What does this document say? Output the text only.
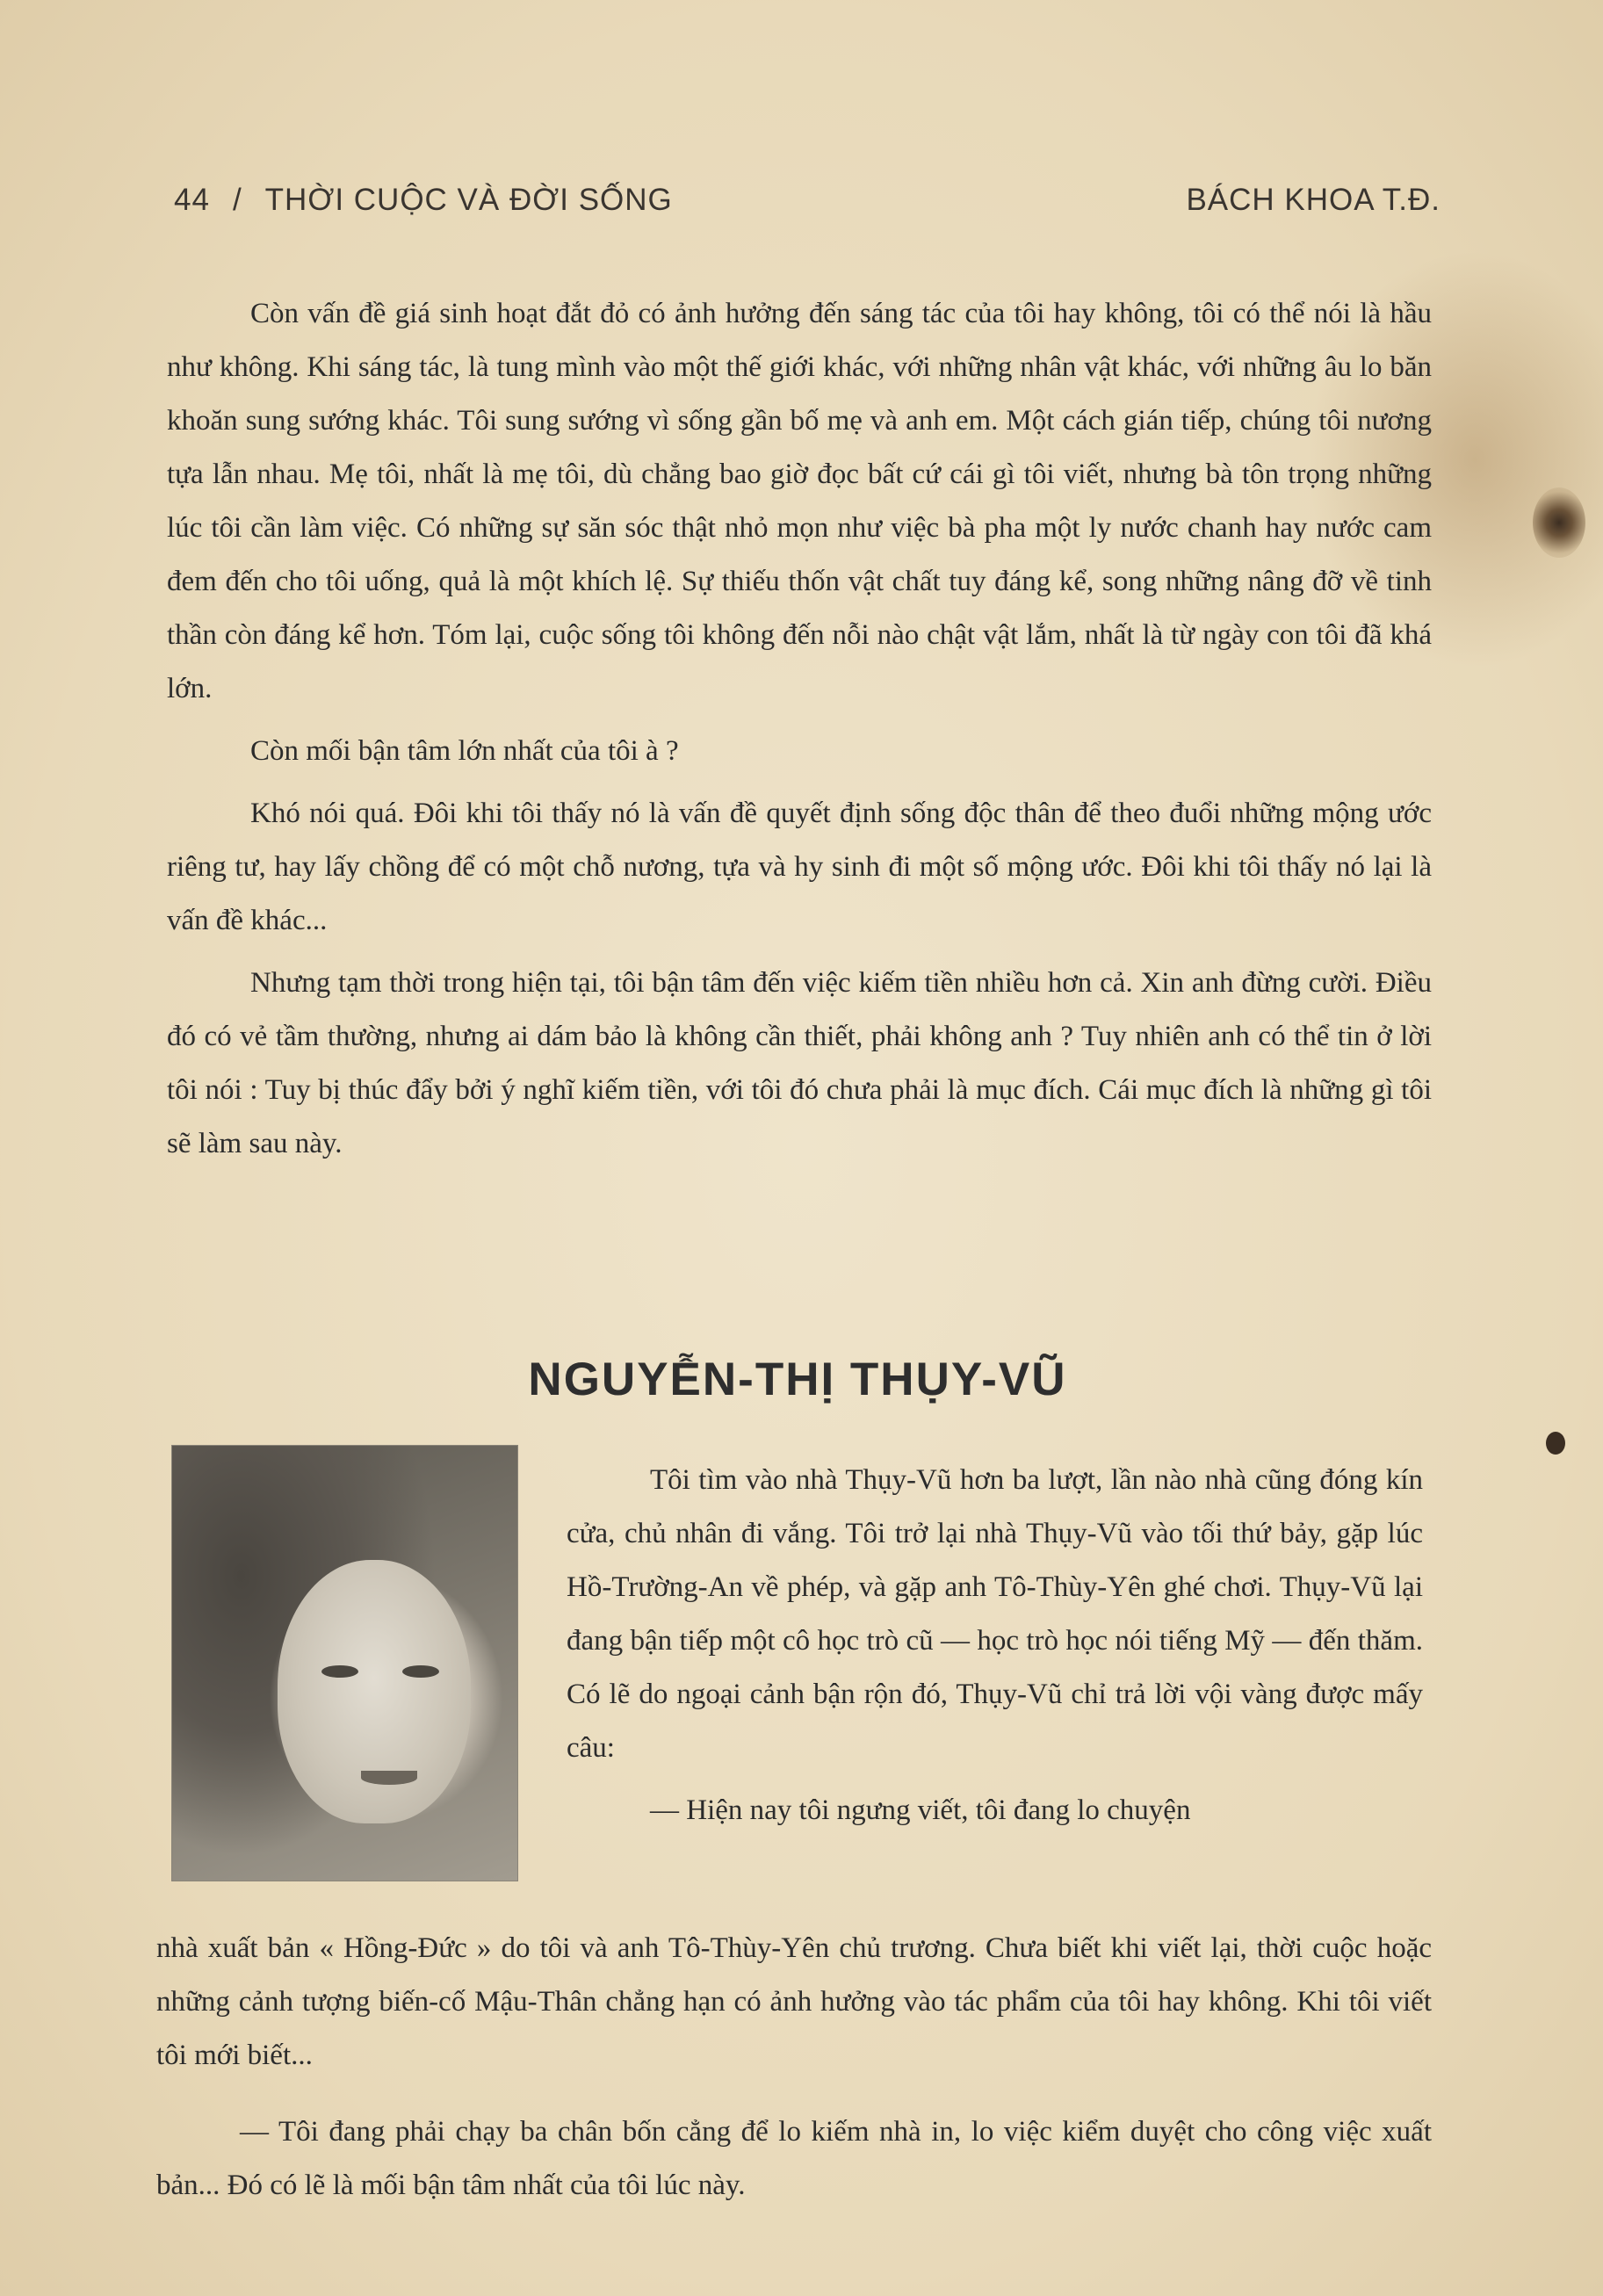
44 / THỜI CUỘC VÀ ĐỜI SỐNG	BÁCH KHOA T.Đ.

Còn vấn đề giá sinh hoạt đắt đỏ có ảnh hưởng đến sáng tác của tôi hay không, tôi có thể nói là hầu như không. Khi sáng tác, là tung mình vào một thế giới khác, với những nhân vật khác, với những âu lo băn khoăn sung sướng khác. Tôi sung sướng vì sống gần bố mẹ và anh em. Một cách gián tiếp, chúng tôi nương tựa lẫn nhau. Mẹ tôi, nhất là mẹ tôi, dù chẳng bao giờ đọc bất cứ cái gì tôi viết, nhưng bà tôn trọng những lúc tôi cần làm việc. Có những sự săn sóc thật nhỏ mọn như việc bà pha một ly nước chanh hay nước cam đem đến cho tôi uống, quả là một khích lệ. Sự thiếu thốn vật chất tuy đáng kể, song những nâng đỡ về tinh thần còn đáng kể hơn. Tóm lại, cuộc sống tôi không đến nỗi nào chật vật lắm, nhất là từ ngày con tôi đã khá lớn.

Còn mối bận tâm lớn nhất của tôi à ?

Khó nói quá. Đôi khi tôi thấy nó là vấn đề quyết định sống độc thân để theo đuổi những mộng ước riêng tư, hay lấy chồng để có một chỗ nương, tựa và hy sinh đi một số mộng ước. Đôi khi tôi thấy nó lại là vấn đề khác...

Nhưng tạm thời trong hiện tại, tôi bận tâm đến việc kiếm tiền nhiều hơn cả. Xin anh đừng cười. Điều đó có vẻ tầm thường, nhưng ai dám bảo là không cần thiết, phải không anh ? Tuy nhiên anh có thể tin ở lời tôi nói : Tuy bị thúc đẩy bởi ý nghĩ kiếm tiền, với tôi đó chưa phải là mục đích. Cái mục đích là những gì tôi sẽ làm sau này.

NGUYỄN-THỊ THỤY-VŨ

Tôi tìm vào nhà Thụy-Vũ hơn ba lượt, lần nào nhà cũng đóng kín cửa, chủ nhân đi vắng. Tôi trở lại nhà Thụy-Vũ vào tối thứ bảy, gặp lúc Hồ-Trường-An về phép, và gặp anh Tô-Thùy-Yên ghé chơi. Thụy-Vũ lại đang bận tiếp một cô học trò cũ — học trò học nói tiếng Mỹ — đến thăm. Có lẽ do ngoại cảnh bận rộn đó, Thụy-Vũ chỉ trả lời vội vàng được mấy câu:

— Hiện nay tôi ngưng viết, tôi đang lo chuyện

nhà xuất bản « Hồng-Đức » do tôi và anh Tô-Thùy-Yên chủ trương. Chưa biết khi viết lại, thời cuộc hoặc những cảnh tượng biến-cố Mậu-Thân chẳng hạn có ảnh hưởng vào tác phẩm của tôi hay không. Khi tôi viết tôi mới biết...

— Tôi đang phải chạy ba chân bốn cẳng để lo kiếm nhà in, lo việc kiểm duyệt cho công việc xuất bản... Đó có lẽ là mối bận tâm nhất của tôi lúc này.
